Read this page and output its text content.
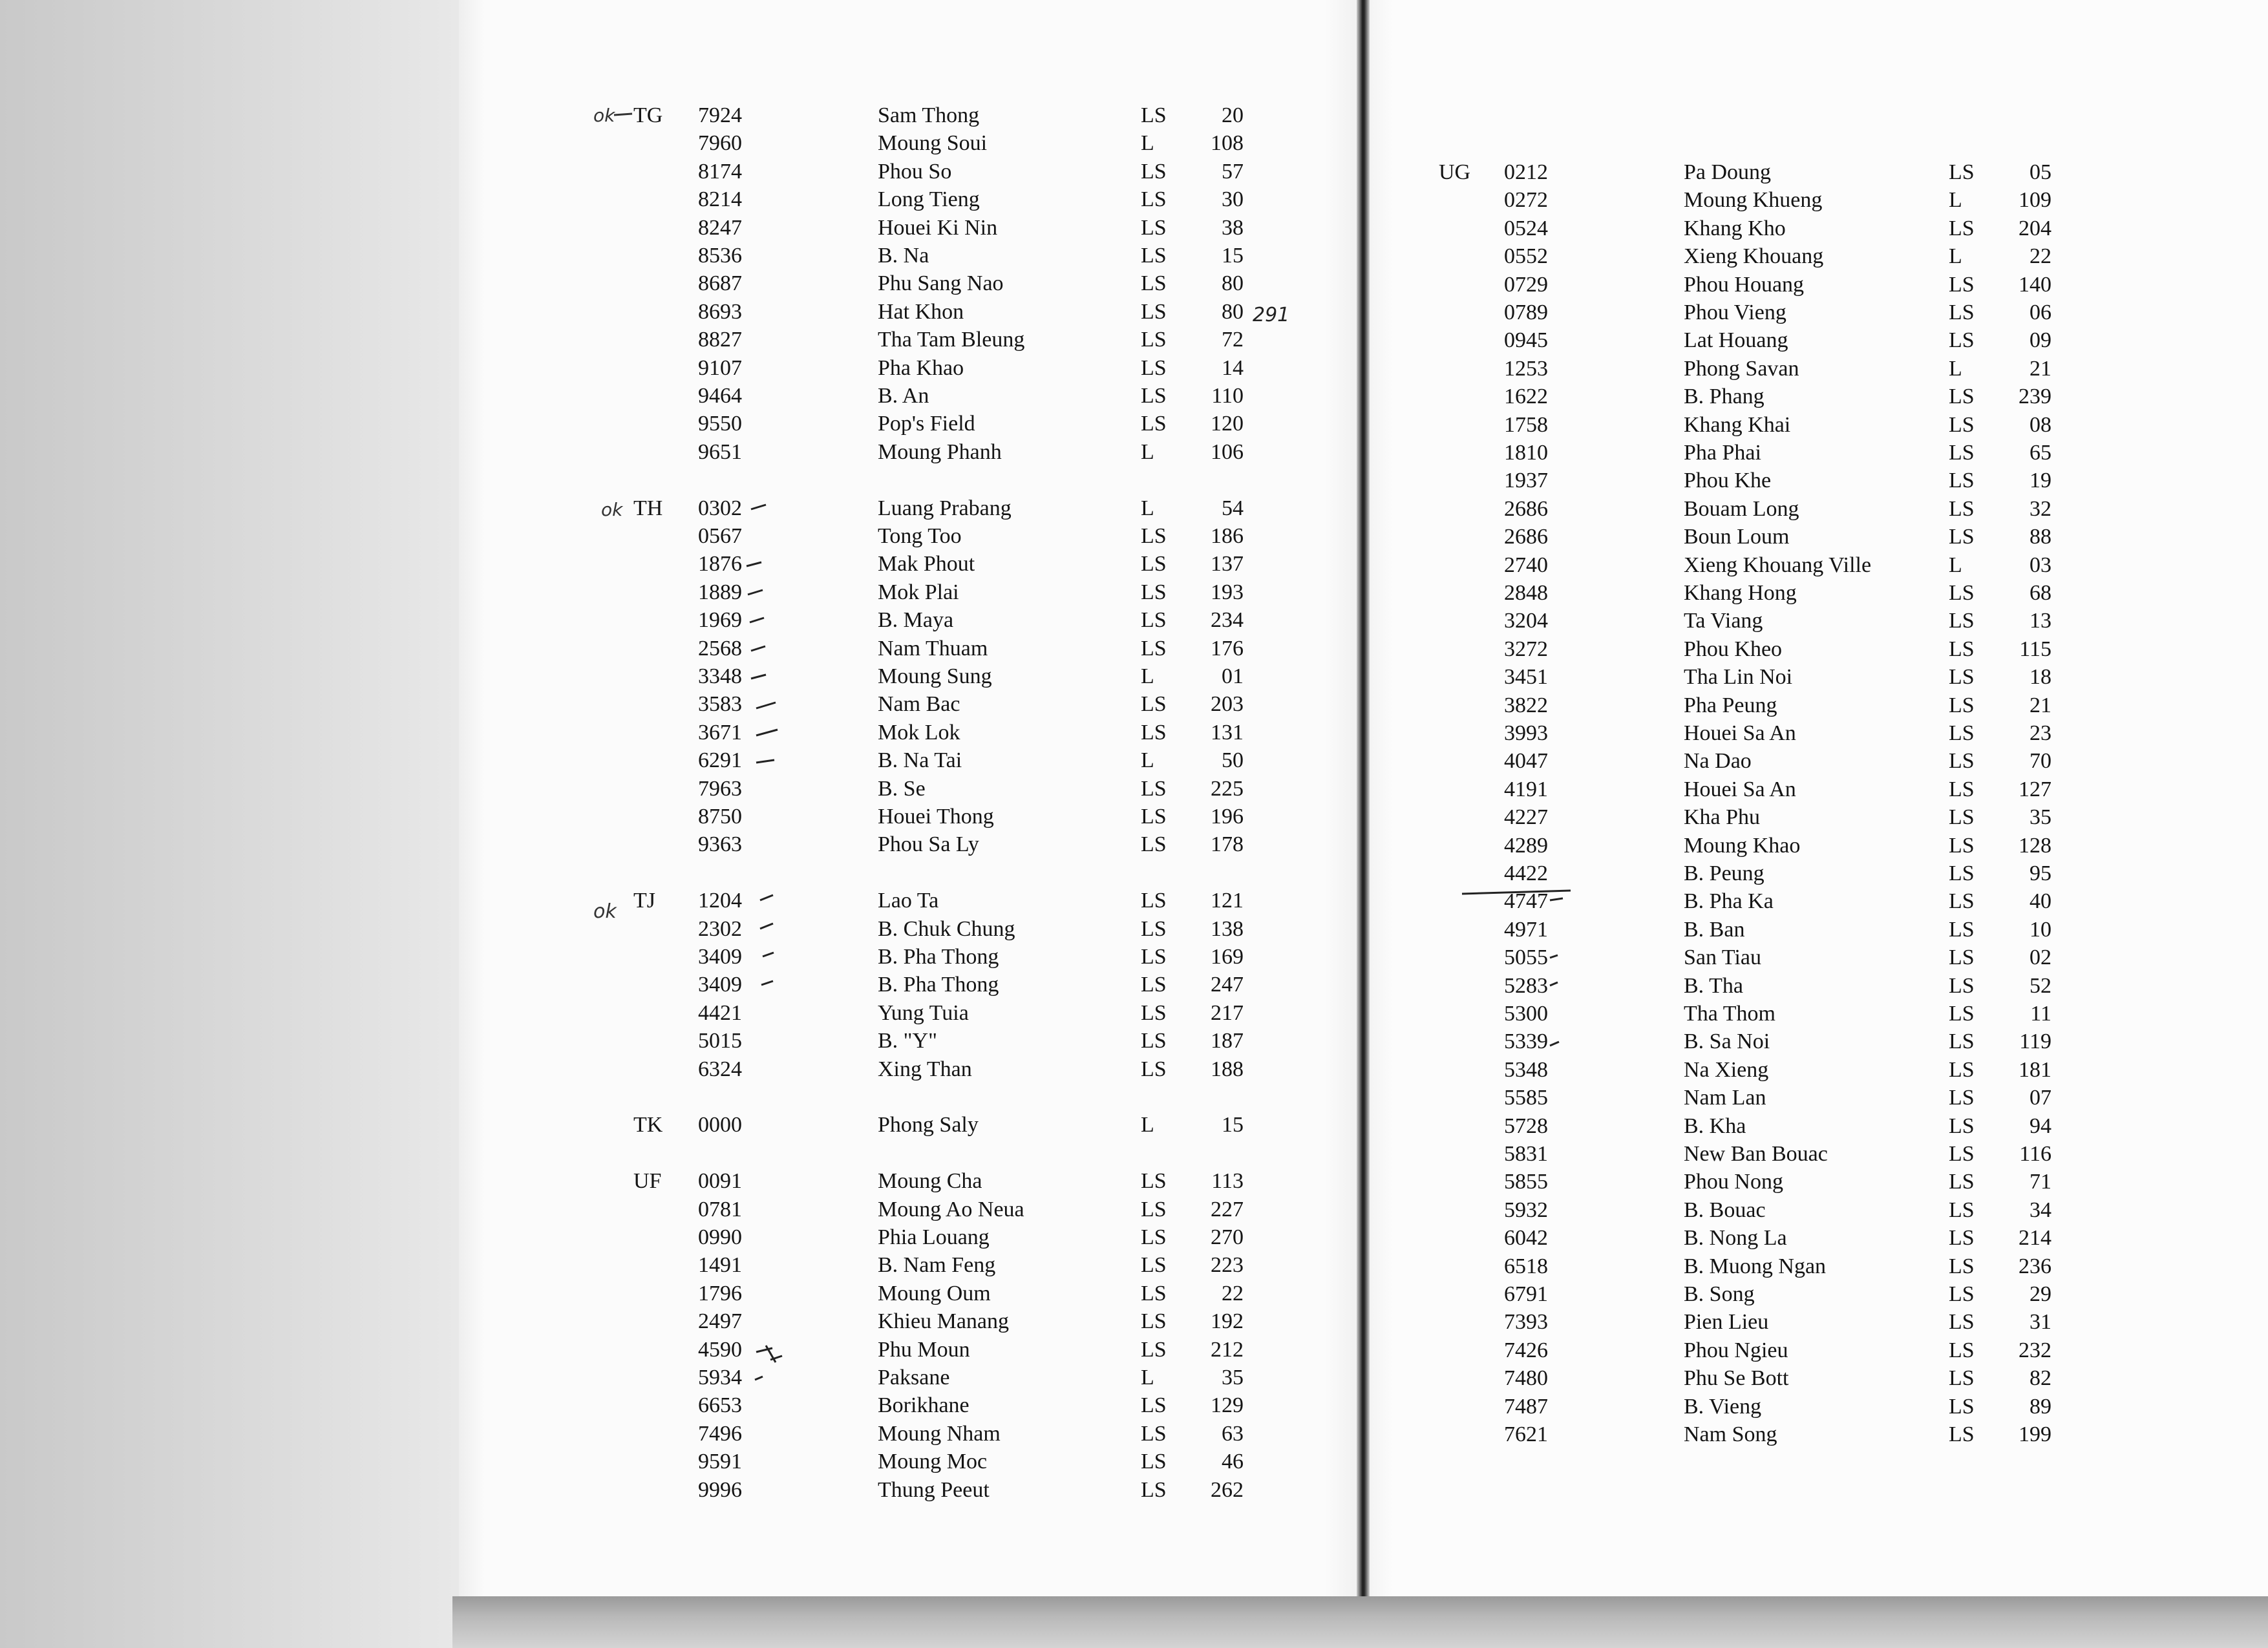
TG 7924	Sam Thong	LS	20
7960	Moung Soui	L	108
8174	Phou So	LS	57
8214	Long Tieng	LS	30
8247	Houei Ki Nin	LS	38
8536	B. Na	LS	15
8687	Phu Sang Nao	LS	80
8693	Hat Khon	LS	80
8827	Tha Tam Bleung	LS	72
9107	Pha Khao	LS	14
9464	B. An	LS	110
9550	Pop's Field	LS	120
9651	Moung Phanh	L	106
TH 0302	Luang Prabang	L	54
0567	Tong Too	LS	186
1876	Mak Phout	LS	137
1889	Mok Plai	LS	193
1969	B. Maya	LS	234
2568	Nam Thuam	LS	176
3348	Moung Sung	L	01
3583	Nam Bac	LS	203
3671	Mok Lok	LS	131
6291	B. Na Tai	L	50
7963	B. Se	LS	225
8750	Houei Thong	LS	196
9363	Phou Sa Ly	LS	178
TJ 1204	Lao Ta	LS	121
2302	B. Chuk Chung	LS	138
3409	B. Pha Thong	LS	169
3409	B. Pha Thong	LS	247
4421	Yung Tuia	LS	217
5015	B. "Y"	LS	187
6324	Xing Than	LS	188
TK 0000	Phong Saly	L	15
UF 0091	Moung Cha	LS	113
0781	Moung Ao Neua	LS	227
0990	Phia Louang	LS	270
1491	B. Nam Feng	LS	223
1796	Moung Oum	LS	22
2497	Khieu Manang	LS	192
4590	Phu Moun	LS	212
5934	Paksane	L	35
6653	Borikhane	LS	129
7496	Moung Nham	LS	63
9591	Moung Moc	LS	46
9996	Thung Peeut	LS	262
UG 0212	Pa Doung	LS	05
0272	Moung Khueng	L	109
0524	Khang Kho	LS	204
0552	Xieng Khouang	L	22
0729	Phou Houang	LS	140
0789	Phou Vieng	LS	06
0945	Lat Houang	LS	09
1253	Phong Savan	L	21
1622	B. Phang	LS	239
1758	Khang Khai	LS	08
1810	Pha Phai	LS	65
1937	Phou Khe	LS	19
2686	Bouam Long	LS	32
2686	Boun Loum	LS	88
2740	Xieng Khouang Ville	L	03
2848	Khang Hong	LS	68
3204	Ta Viang	LS	13
3272	Phou Kheo	LS	115
3451	Tha Lin Noi	LS	18
3822	Pha Peung	LS	21
3993	Houei Sa An	LS	23
4047	Na Dao	LS	70
4191	Houei Sa An	LS	127
4227	Kha Phu	LS	35
4289	Moung Khao	LS	128
4422	B. Peung	LS	95
4747	B. Pha Ka	LS	40
4971	B. Ban	LS	10
5055	San Tiau	LS	02
5283	B. Tha	LS	52
5300	Tha Thom	LS	11
5339	B. Sa Noi	LS	119
5348	Na Xieng	LS	181
5585	Nam Lan	LS	07
5728	B. Kha	LS	94
5831	New Ban Bouac	LS	116
5855	Phou Nong	LS	71
5932	B. Bouac	LS	34
6042	B. Nong La	LS	214
6518	B. Muong Ngan	LS	236
6791	B. Song	LS	29
7393	Pien Lieu	LS	31
7426	Phou Ngieu	LS	232
7480	Phu Se Bott	LS	82
7487	B. Vieng	LS	89
7621	Nam Song	LS	199
ok
ok
ok
291
